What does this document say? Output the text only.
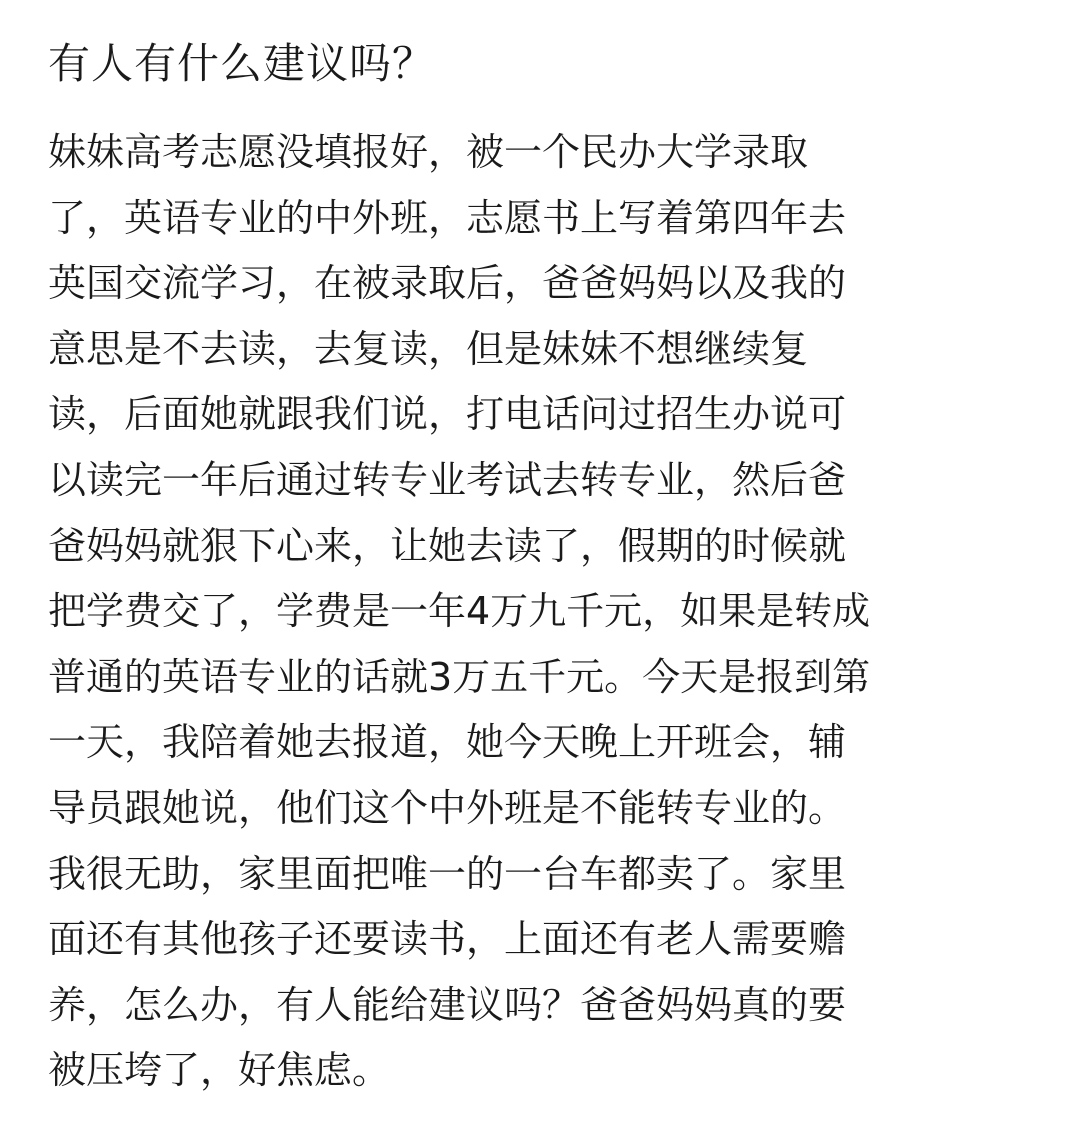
有人有什么建议吗？
妹妹高考志愿没填报好，被一个民办大学录取
了，英语专业的中外班，志愿书上写着第四年去
英国交流学习，在被录取后，爸爸妈妈以及我的
意思是不去读，去复读，但是妹妹不想继续复
读，后面她就跟我们说，打电话问过招生办说可
以读完一年后通过转专业考试去转专业，然后爸
爸妈妈就狠下心来，让她去读了，假期的时候就
把学费交了，学费是一年4万九千元，如果是转成
普通的英语专业的话就3万五千元。今天是报到第
一天，我陪着她去报道，她今天晚上开班会，辅
导员跟她说，他们这个中外班是不能转专业的。
我很无助，家里面把唯一的一台车都卖了。家里
面还有其他孩子还要读书，上面还有老人需要赡
养，怎么办，有人能给建议吗？爸爸妈妈真的要
被压垮了，好焦虑。
